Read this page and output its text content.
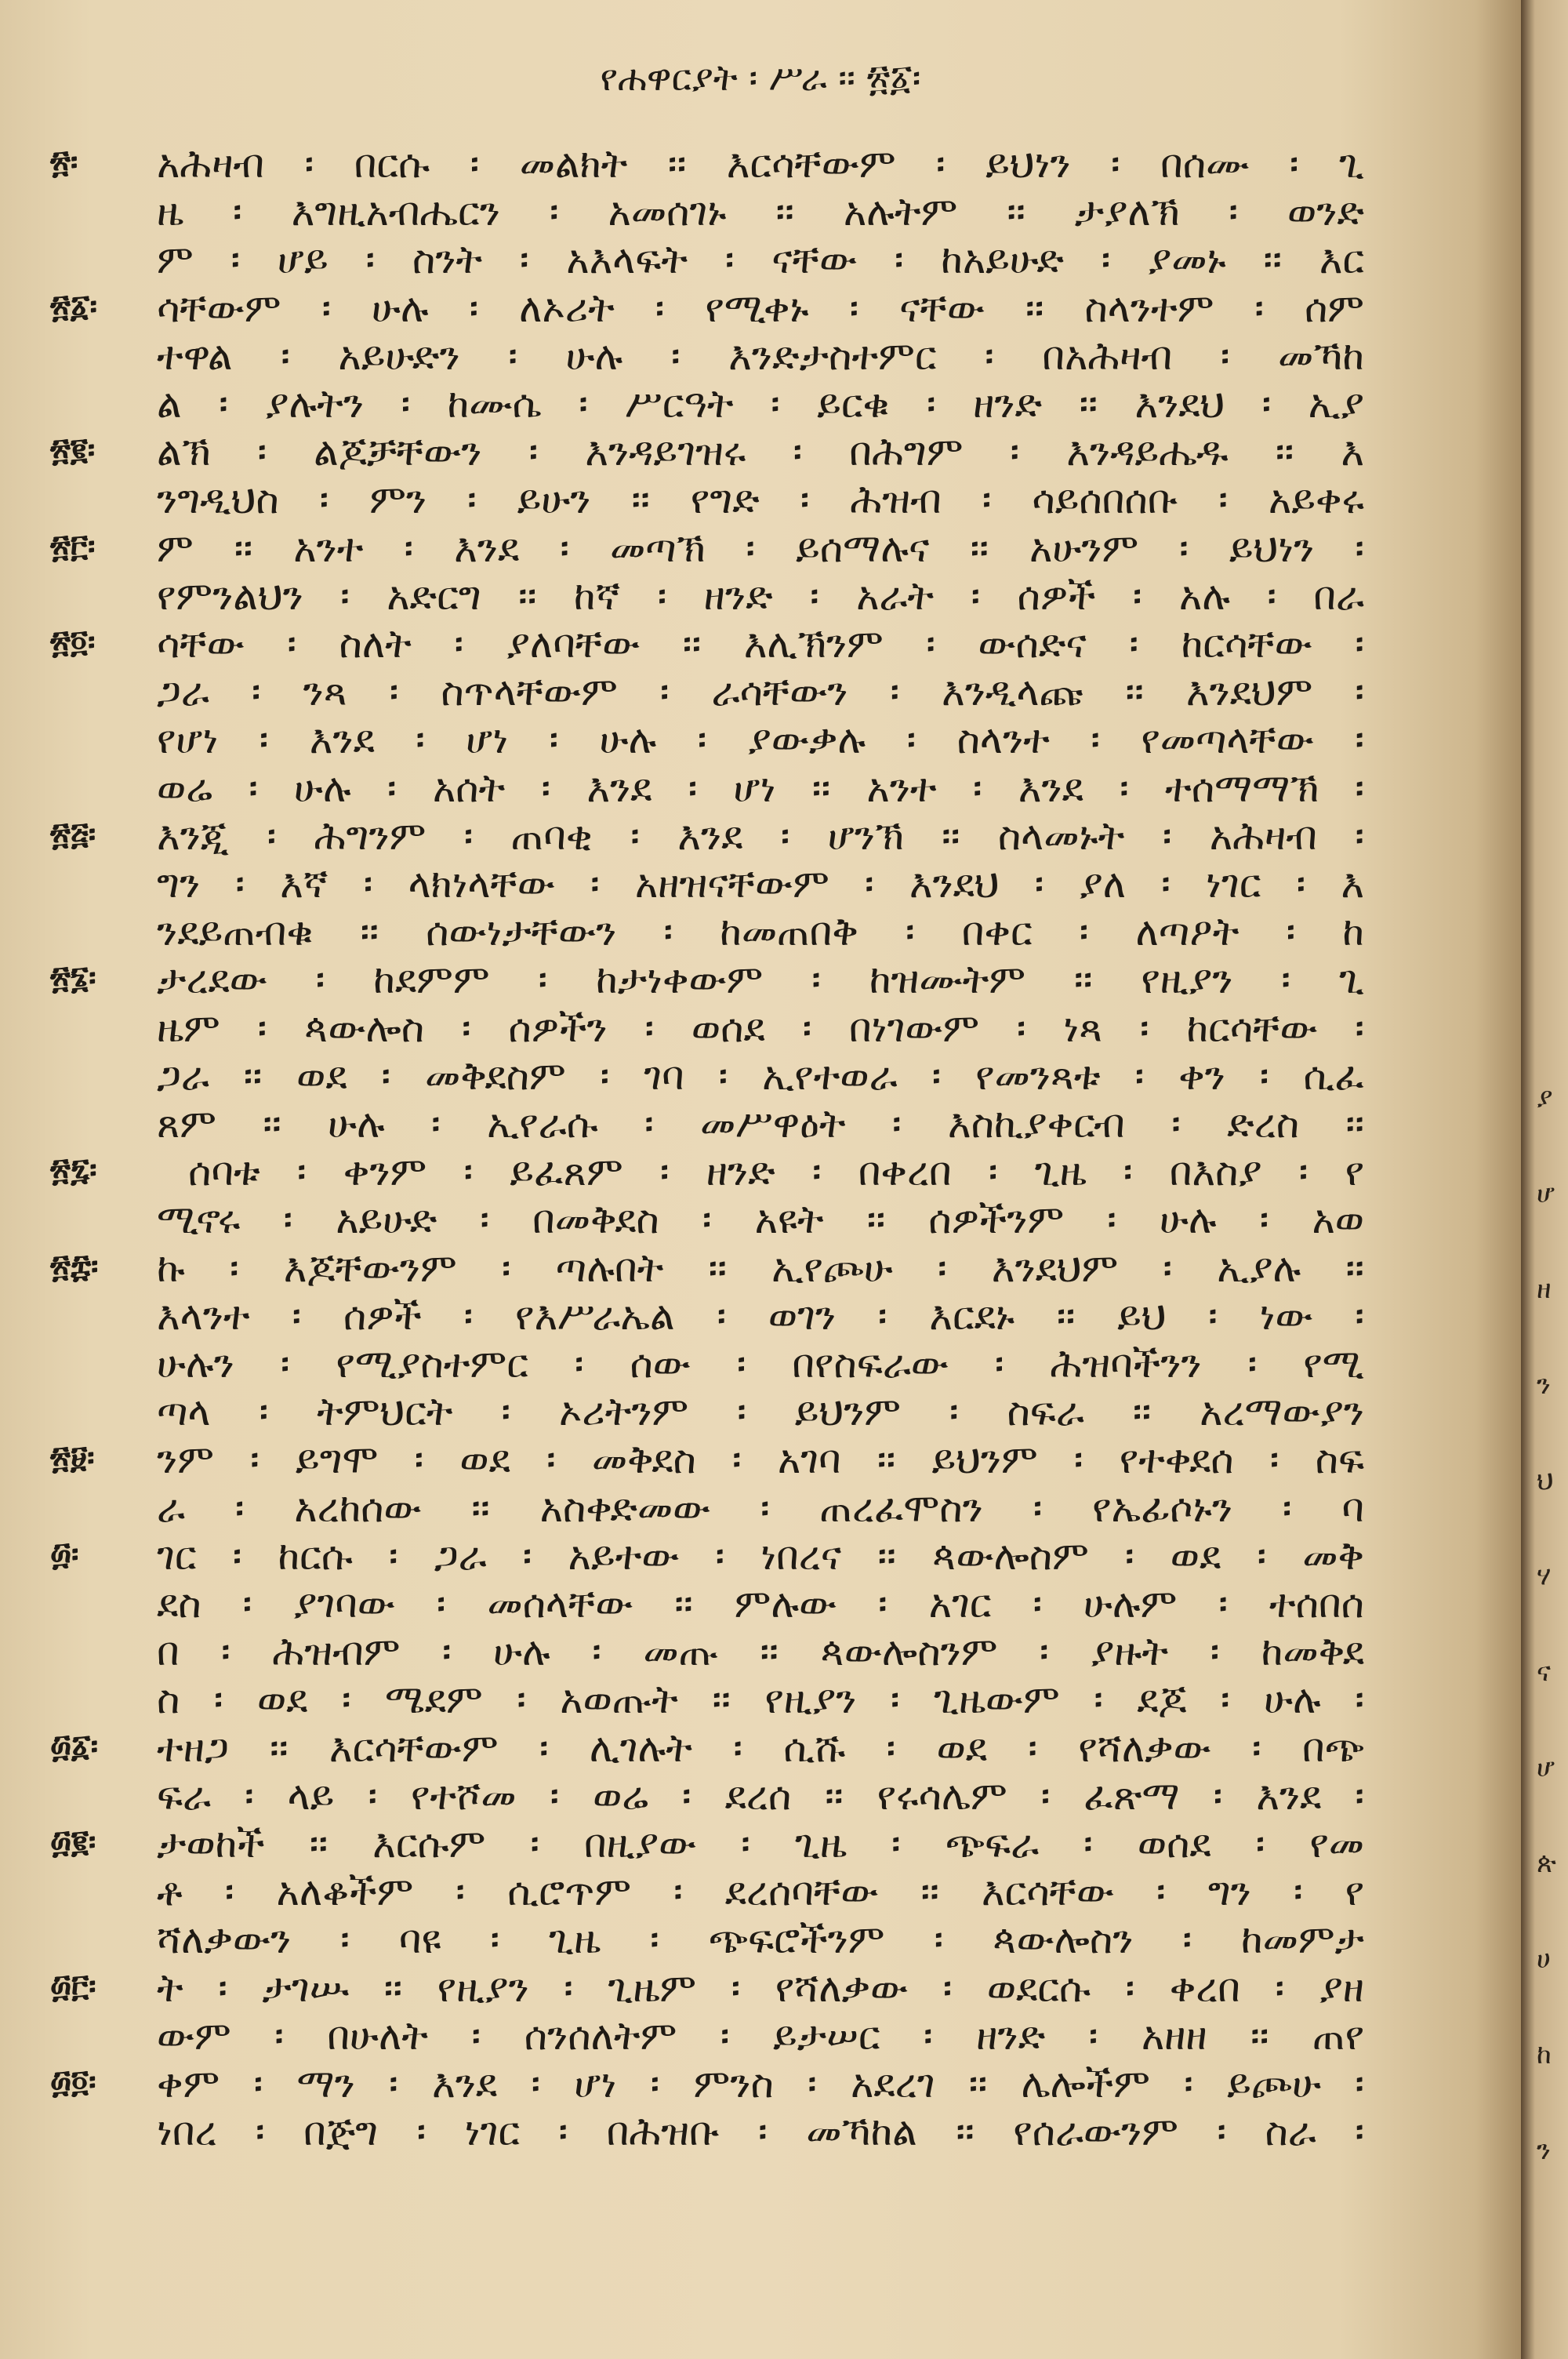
የሐዋርያት ፡ ሥራ ፡፡ ፳፩፡
፳፡
፳፩፡
፳፪፡
፳፫፡
፳፬፡
፳፭፡
፳፮፡
፳፯፡
፳፰፡
፳፱፡
፴፡
፴፩፡
፴፪፡
፴፫፡
፴፬፡
አሕዛብ ፡ በርሱ ፡ መልክት ፡፡ እርሳቸውም ፡ ይህነን ፡ በሰሙ ፡ ጊ
ዜ ፡ እግዚአብሔርን ፡ አመሰገኑ ፡፡ አሉትም ፡፡ ታያለኽ ፡ ወንድ
ም ፡ ሆይ ፡ ስንት ፡ አእላፍት ፡ ናቸው ፡ ከአይሁድ ፡ ያመኑ ፡፡ እር
ሳቸውም ፡ ሁሉ ፡ ለኦሪት ፡ የሚቀኑ ፡ ናቸው ፡፡ ስላንተም ፡ ሰም
ተዋል ፡ አይሁድን ፡ ሁሉ ፡ እንድታስተምር ፡ በአሕዛብ ፡ መኻከ
ል ፡ ያሉትን ፡ ከሙሴ ፡ ሥርዓት ፡ ይርቁ ፡ ዘንድ ፡፡ እንደህ ፡ ኢያ
ልኽ ፡ ልጆቻቸውን ፡ እንዳይገዝሩ ፡ በሕግም ፡ እንዳይሔዱ ፡፡ እ
ንግዲህስ ፡ ምን ፡ ይሁን ፡፡ የግድ ፡ ሕዝብ ፡ ሳይሰበሰቡ ፡ አይቀሩ
ም ፡፡ አንተ ፡ እንደ ፡ መጣኽ ፡ ይሰማሉና ፡፡ አሁንም ፡ ይህነን ፡
የምንልህን ፡ አድርግ ፡፡ ከኛ ፡ ዘንድ ፡ አራት ፡ ሰዎች ፡ አሉ ፡ በራ
ሳቸው ፡ ስለት ፡ ያለባቸው ፡፡ እሊኽንም ፡ ውሰድና ፡ ከርሳቸው ፡
ጋራ ፡ ንጻ ፡ ስጥላቸውም ፡ ራሳቸውን ፡ እንዲላጩ ፡፡ እንደህም ፡
የሆነ ፡ እንደ ፡ ሆነ ፡ ሁሉ ፡ ያውቃሉ ፡ ስላንተ ፡ የመጣላቸው ፡
ወሬ ፡ ሁሉ ፡ አሰት ፡ እንደ ፡ ሆነ ፡፡ አንተ ፡ እንደ ፡ ተሰማማኽ ፡
እንጂ ፡ ሕግንም ፡ ጠባቂ ፡ እንደ ፡ ሆንኽ ፡፡ ስላመኑት ፡ አሕዛብ ፡
ግን ፡ እኛ ፡ ላክነላቸው ፡ አዘዝናቸውም ፡ እንደህ ፡ ያለ ፡ ነገር ፡ እ
ንደይጠብቁ ፡፡ ሰውነታቸውን ፡ ከመጠበቅ ፡ በቀር ፡ ለጣዖት ፡ ከ
ታረደው ፡ ከደምም ፡ ከታነቀውም ፡ ከዝሙትም ፡፡ የዚያን ፡ ጊ
ዜም ፡ ጳውሎስ ፡ ሰዎችን ፡ ወሰደ ፡ በነገውም ፡ ነጻ ፡ ከርሳቸው ፡
ጋራ ፡፡ ወደ ፡ መቅደስም ፡ ገባ ፡ ኢየተወራ ፡ የመንጻቱ ፡ ቀን ፡ ሲፈ
ጸም ፡፡ ሁሉ ፡ ኢየራሱ ፡ መሥዋዕት ፡ እስኪያቀርብ ፡ ድረስ ፡፡
ሰባቱ ፡ ቀንም ፡ ይፈጸም ፡ ዘንድ ፡ በቀረበ ፡ ጊዜ ፡ በእስያ ፡ የ
ሚኖሩ ፡ አይሁድ ፡ በመቅደስ ፡ አዩት ፡፡ ሰዎችንም ፡ ሁሉ ፡ አወ
ኩ ፡ እጆቸውንም ፡ ጣሉበት ፡፡ ኢየጮሁ ፡ እንደህም ፡ ኢያሉ ፡፡
እላንተ ፡ ሰዎች ፡ የእሥራኤል ፡ ወገን ፡ እርደኑ ፡፡ ይህ ፡ ነው ፡
ሁሉን ፡ የሚያስተምር ፡ ሰው ፡ በየስፍራው ፡ ሕዝባችንን ፡ የሚ
ጣላ ፡ ትምህርት ፡ ኦሪትንም ፡ ይህንም ፡ ስፍራ ፡፡ አረማውያን
ንም ፡ ይግሞ ፡ ወደ ፡ መቅደስ ፡ አገባ ፡፡ ይህንም ፡ የተቀደሰ ፡ ስፍ
ራ ፡ አረከሰው ፡፡ አስቀድመው ፡ ጠረፈሞስን ፡ የኤፊሶኑን ፡ ባ
ገር ፡ ከርሱ ፡ ጋራ ፡ አይተው ፡ ነበረና ፡፡ ጳውሎስም ፡ ወደ ፡ መቅ
ደስ ፡ ያገባው ፡ መሰላቸው ፡፡ ምሉው ፡ አገር ፡ ሁሉም ፡ ተሰበሰ
በ ፡ ሕዝብም ፡ ሁሉ ፡ መጡ ፡፡ ጳውሎስንም ፡ ያዙት ፡ ከመቅደ
ስ ፡ ወደ ፡ ሜደም ፡ አወጡት ፡፡ የዚያን ፡ ጊዜውም ፡ ደጆ ፡ ሁሉ ፡
ተዘጋ ፡፡ እርሳቸውም ፡ ሊገሉት ፡ ሲሹ ፡ ወደ ፡ የሻለቃው ፡ በጭ
ፍራ ፡ ላይ ፡ የተሾመ ፡ ወሬ ፡ ደረሰ ፡፡ የሩሳሌም ፡ ፈጽማ ፡ እንደ ፡
ታወከች ፡፡ እርሱም ፡ በዚያው ፡ ጊዜ ፡ ጭፍራ ፡ ወሰደ ፡ የመ
ቶ ፡ አለቆችም ፡ ሲሮጥም ፡ ደረሰባቸው ፡፡ እርሳቸው ፡ ግን ፡ የ
ሻለቃውን ፡ ባዩ ፡ ጊዜ ፡ ጭፍሮችንም ፡ ጳውሎስን ፡ ከመምታ
ት ፡ ታገሡ ፡፡ የዚያን ፡ ጊዜም ፡ የሻለቃው ፡ ወደርሱ ፡ ቀረበ ፡ ያዘ
ውም ፡ በሁለት ፡ ሰንሰለትም ፡ ይታሠር ፡ ዘንድ ፡ አዘዘ ፡፡ ጠየ
ቀም ፡ ማን ፡ እንደ ፡ ሆነ ፡ ምንስ ፡ አደረገ ፡፡ ሌሎችም ፡ ይጮሁ ፡
ነበረ ፡ በጅግ ፡ ነገር ፡ በሕዝቡ ፡ መኻከል ፡፡ የሰራውንም ፡ ስራ ፡
ያ
ሆ
ዘ
ን
ህ
ሃ
ና
ሆ
ጵ
ሀ
ከ
ን
